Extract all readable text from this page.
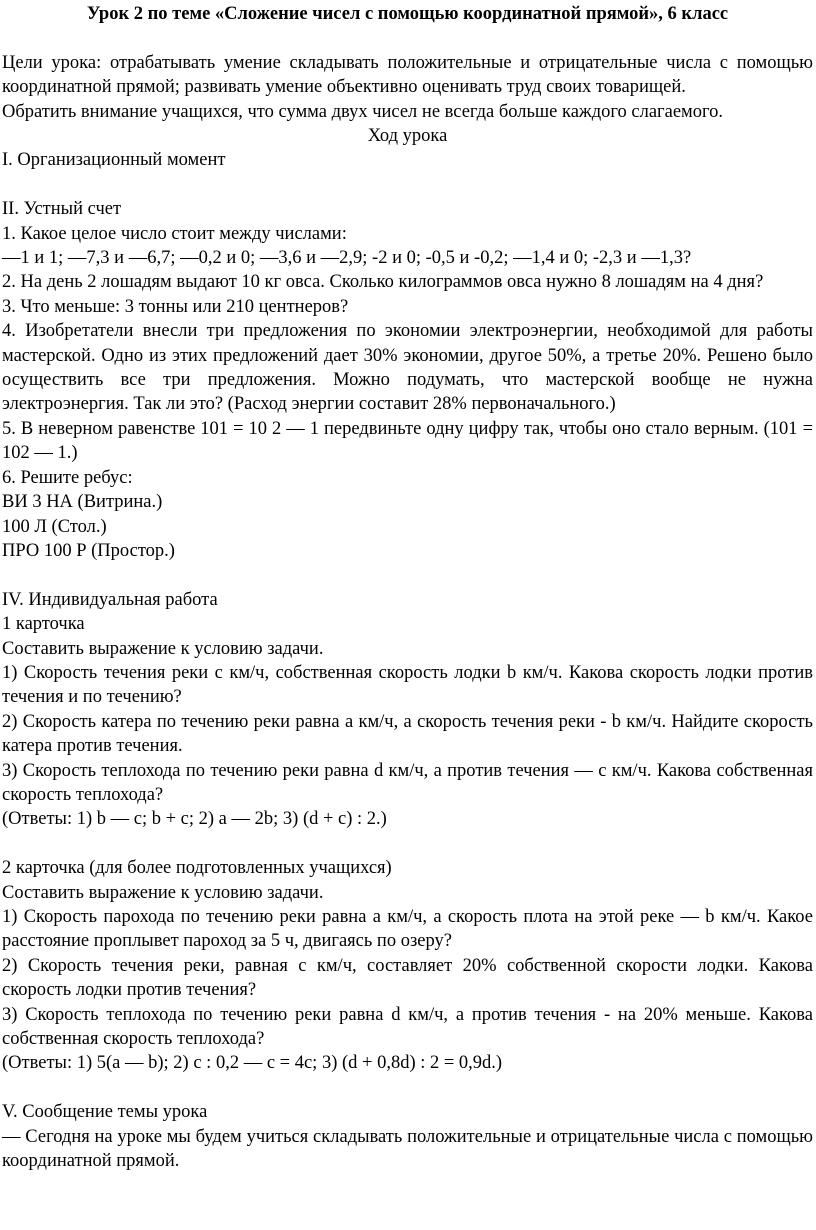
Урок 2 по теме «Сложение чисел с помощью координатной прямой», 6 класс

Цели урока: отрабатывать умение складывать положительные и отрицательные числа с помощью координатной прямой; развивать умение объективно оценивать труд своих товарищей.

Обратить внимание учащихся, что сумма двух чисел не всегда больше каждого слагаемого.

Ход урока

I. Организационный момент

II. Устный счет

1. Какое целое число стоит между числами:

—1 и 1; —7,3 и —6,7; —0,2 и 0; —3,6 и —2,9; -2 и 0; -0,5 и -0,2; —1,4 и 0; -2,3 и —1,3?

2. На день 2 лошадям выдают 10 кг овса. Сколько килограммов овса нужно 8 лошадям на 4 дня?

3. Что меньше: 3 тонны или 210 центнеров?

4. Изобретатели внесли три предложения по экономии электроэнергии, необходимой для работы мастерской. Одно из этих предложений дает 30% экономии, другое 50%, а третье 20%. Решено было осуществить все три предложения. Можно подумать, что мастерской вообще не нужна электроэнергия. Так ли это? (Расход энергии составит 28% первоначального.)

5. В неверном равенстве 101 = 10 2 — 1 передвиньте одну цифру так, чтобы оно стало верным. (101 = 102 — 1.)

6. Решите ребус:

ВИ 3 НА (Витрина.)

100 Л (Стол.)

ПРО 100 Р (Простор.)

IV. Индивидуальная работа

1 карточка

Составить выражение к условию задачи.

1) Скорость течения реки с км/ч, собственная скорость лодки b км/ч. Какова скорость лодки против течения и по течению?

2) Скорость катера по течению реки равна а км/ч, а скорость течения реки - b км/ч. Найдите скорость катера против течения.

3) Скорость теплохода по течению реки равна d км/ч, а против течения — с км/ч. Какова собственная скорость теплохода?

(Ответы: 1) b — с; b + с; 2) а — 2b; 3) (d + с) : 2.)

2 карточка (для более подготовленных учащихся)

Составить выражение к условию задачи.

1) Скорость парохода по течению реки равна а км/ч, а скорость плота на этой реке — b км/ч. Какое расстояние проплывет пароход за 5 ч, двигаясь по озеру?

2) Скорость течения реки, равная с км/ч, составляет 20% собственной скорости лодки. Какова скорость лодки против течения?

3) Скорость теплохода по течению реки равна d км/ч, а против течения - на 20% меньше. Какова собственная скорость теплохода?

(Ответы: 1) 5(а — b); 2) с : 0,2 — с = 4с; 3) (d + 0,8d) : 2 = 0,9d.)

V. Сообщение темы урока

— Сегодня на уроке мы будем учиться складывать положительные и отрицательные числа с помощью координатной прямой.
